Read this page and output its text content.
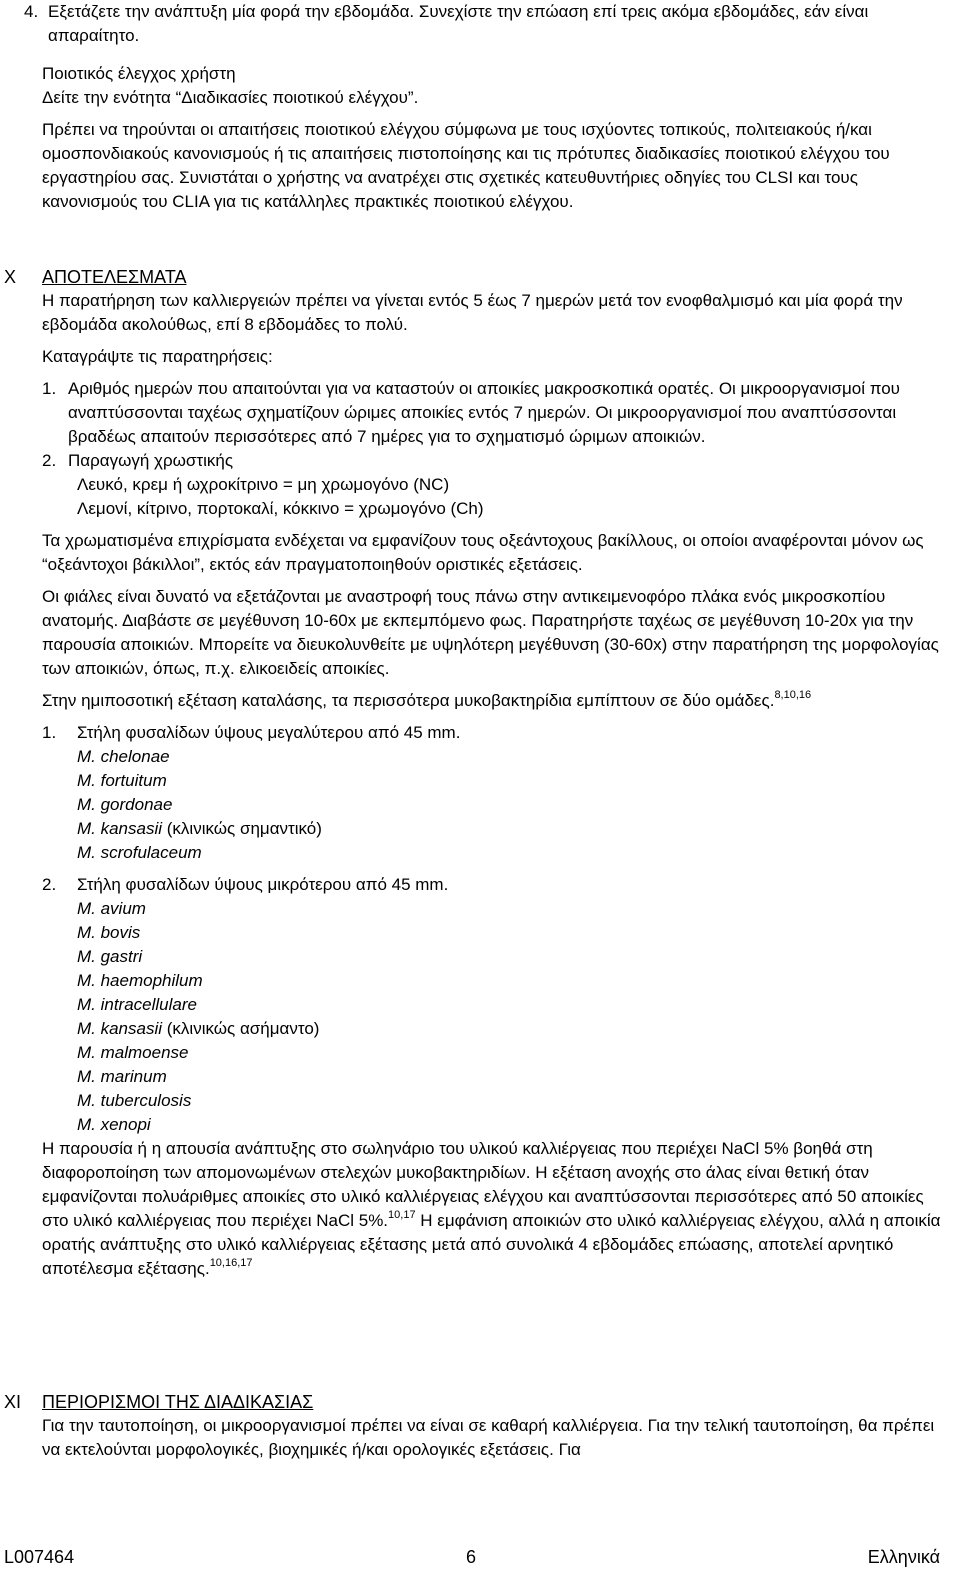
4. Εξετάζετε την ανάπτυξη μία φορά την εβδομάδα. Συνεχίστε την επώαση επί τρεις ακόμα εβδομάδες, εάν είναι απαραίτητο.

Ποιοτικός έλεγχος χρήστη

Δείτε την ενότητα “Διαδικασίες ποιοτικού ελέγχου”.

Πρέπει να τηρούνται οι απαιτήσεις ποιοτικού ελέγχου σύμφωνα με τους ισχύοντες τοπικούς, πολιτειακούς ή/και ομοσπονδιακούς κανονισμούς ή τις απαιτήσεις πιστοποίησης και τις πρότυπες διαδικασίες ποιοτικού ελέγχου του εργαστηρίου σας. Συνιστάται ο χρήστης να ανατρέχει στις σχετικές κατευθυντήριες οδηγίες του CLSI και τους κανονισμούς του CLIA για τις κατάλληλες πρακτικές ποιοτικού ελέγχου.

X ΑΠΟΤΕΛΕΣΜΑΤΑ

Η παρατήρηση των καλλιεργειών πρέπει να γίνεται εντός 5 έως 7 ημερών μετά τον ενοφθαλμισμό και μία φορά την εβδομάδα ακολούθως, επί 8 εβδομάδες το πολύ.

Καταγράψτε τις παρατηρήσεις:

1. Αριθμός ημερών που απαιτούνται για να καταστούν οι αποικίες μακροσκοπικά ορατές. Οι μικροοργανισμοί που αναπτύσσονται ταχέως σχηματίζουν ώριμες αποικίες εντός 7 ημερών. Οι μικροοργανισμοί που αναπτύσσονται βραδέως απαιτούν περισσότερες από 7 ημέρες για το σχηματισμό ώριμων αποικιών.
2. Παραγωγή χρωστικής

Λευκό, κρεμ ή ωχροκίτρινο = μη χρωμογόνο (NC)

Λεμονί, κίτρινο, πορτοκαλί, κόκκινο = χρωμογόνο (Ch)

Τα χρωματισμένα επιχρίσματα ενδέχεται να εμφανίζουν τους οξεάντοχους βακίλλους, οι οποίοι αναφέρονται μόνον ως “οξεάντοχοι βάκιλλοι”, εκτός εάν πραγματοποιηθούν οριστικές εξετάσεις.

Οι φιάλες είναι δυνατό να εξετάζονται με αναστροφή τους πάνω στην αντικειμενοφόρο πλάκα ενός μικροσκοπίου ανατομής. Διαβάστε σε μεγέθυνση 10-60x με εκπεμπόμενο φως. Παρατηρήστε ταχέως σε μεγέθυνση 10-20x για την παρουσία αποικιών. Μπορείτε να διευκολυνθείτε με υψηλότερη μεγέθυνση (30-60x) στην παρατήρηση της μορφολογίας των αποικιών, όπως, π.χ. ελικοειδείς αποικίες.

Στην ημιποσοτική εξέταση καταλάσης, τα περισσότερα μυκοβακτηρίδια εμπίπτουν σε δύο ομάδες.$^{8,10,16}$

1.	Στήλη φυσαλίδων ύψους μεγαλύτερου από 45 mm.

M. chelonae

M. fortuitum

M. gordonae

M. kansasii (κλινικώς σημαντικό)

M. scrofulaceum

2.	Στήλη φυσαλίδων ύψους μικρότερου από 45 mm.

M. avium

M. bovis

M. gastri

M. haemophilum

M. intracellulare

M. kansasii (κλινικώς ασήμαντο)

M. malmoense

M. marinum

M. tuberculosis

M. xenopi

Η παρουσία ή η απουσία ανάπτυξης στο σωληνάριο του υλικού καλλιέργειας που περιέχει NaCl 5% βοηθά στη διαφοροποίηση των απομονωμένων στελεχών μυκοβακτηριδίων. Η εξέταση ανοχής στο άλας είναι θετική όταν εμφανίζονται πολυάριθμες αποικίες στο υλικό καλλιέργειας ελέγχου και αναπτύσσονται περισσότερες από 50 αποικίες στο υλικό καλλιέργειας που περιέχει NaCl 5%.$^{10,17}$ Η εμφάνιση αποικιών στο υλικό καλλιέργειας ελέγχου, αλλά η αποικία ορατής ανάπτυξης στο υλικό καλλιέργειας εξέτασης μετά από συνολικά 4 εβδομάδες επώασης, αποτελεί αρνητικό αποτέλεσμα εξέτασης.$^{10,16,17}$

XI ΠΕΡΙΟΡΙΣΜΟΙ ΤΗΣ ΔΙΑΔΙΚΑΣΙΑΣ

Για την ταυτοποίηση, οι μικροοργανισμοί πρέπει να είναι σε καθαρή καλλιέργεια. Για την τελική ταυτοποίηση, θα πρέπει να εκτελούνται μορφολογικές, βιοχημικές ή/και ορολογικές εξετάσεις. Για

L007464	6	Ελληνικά
